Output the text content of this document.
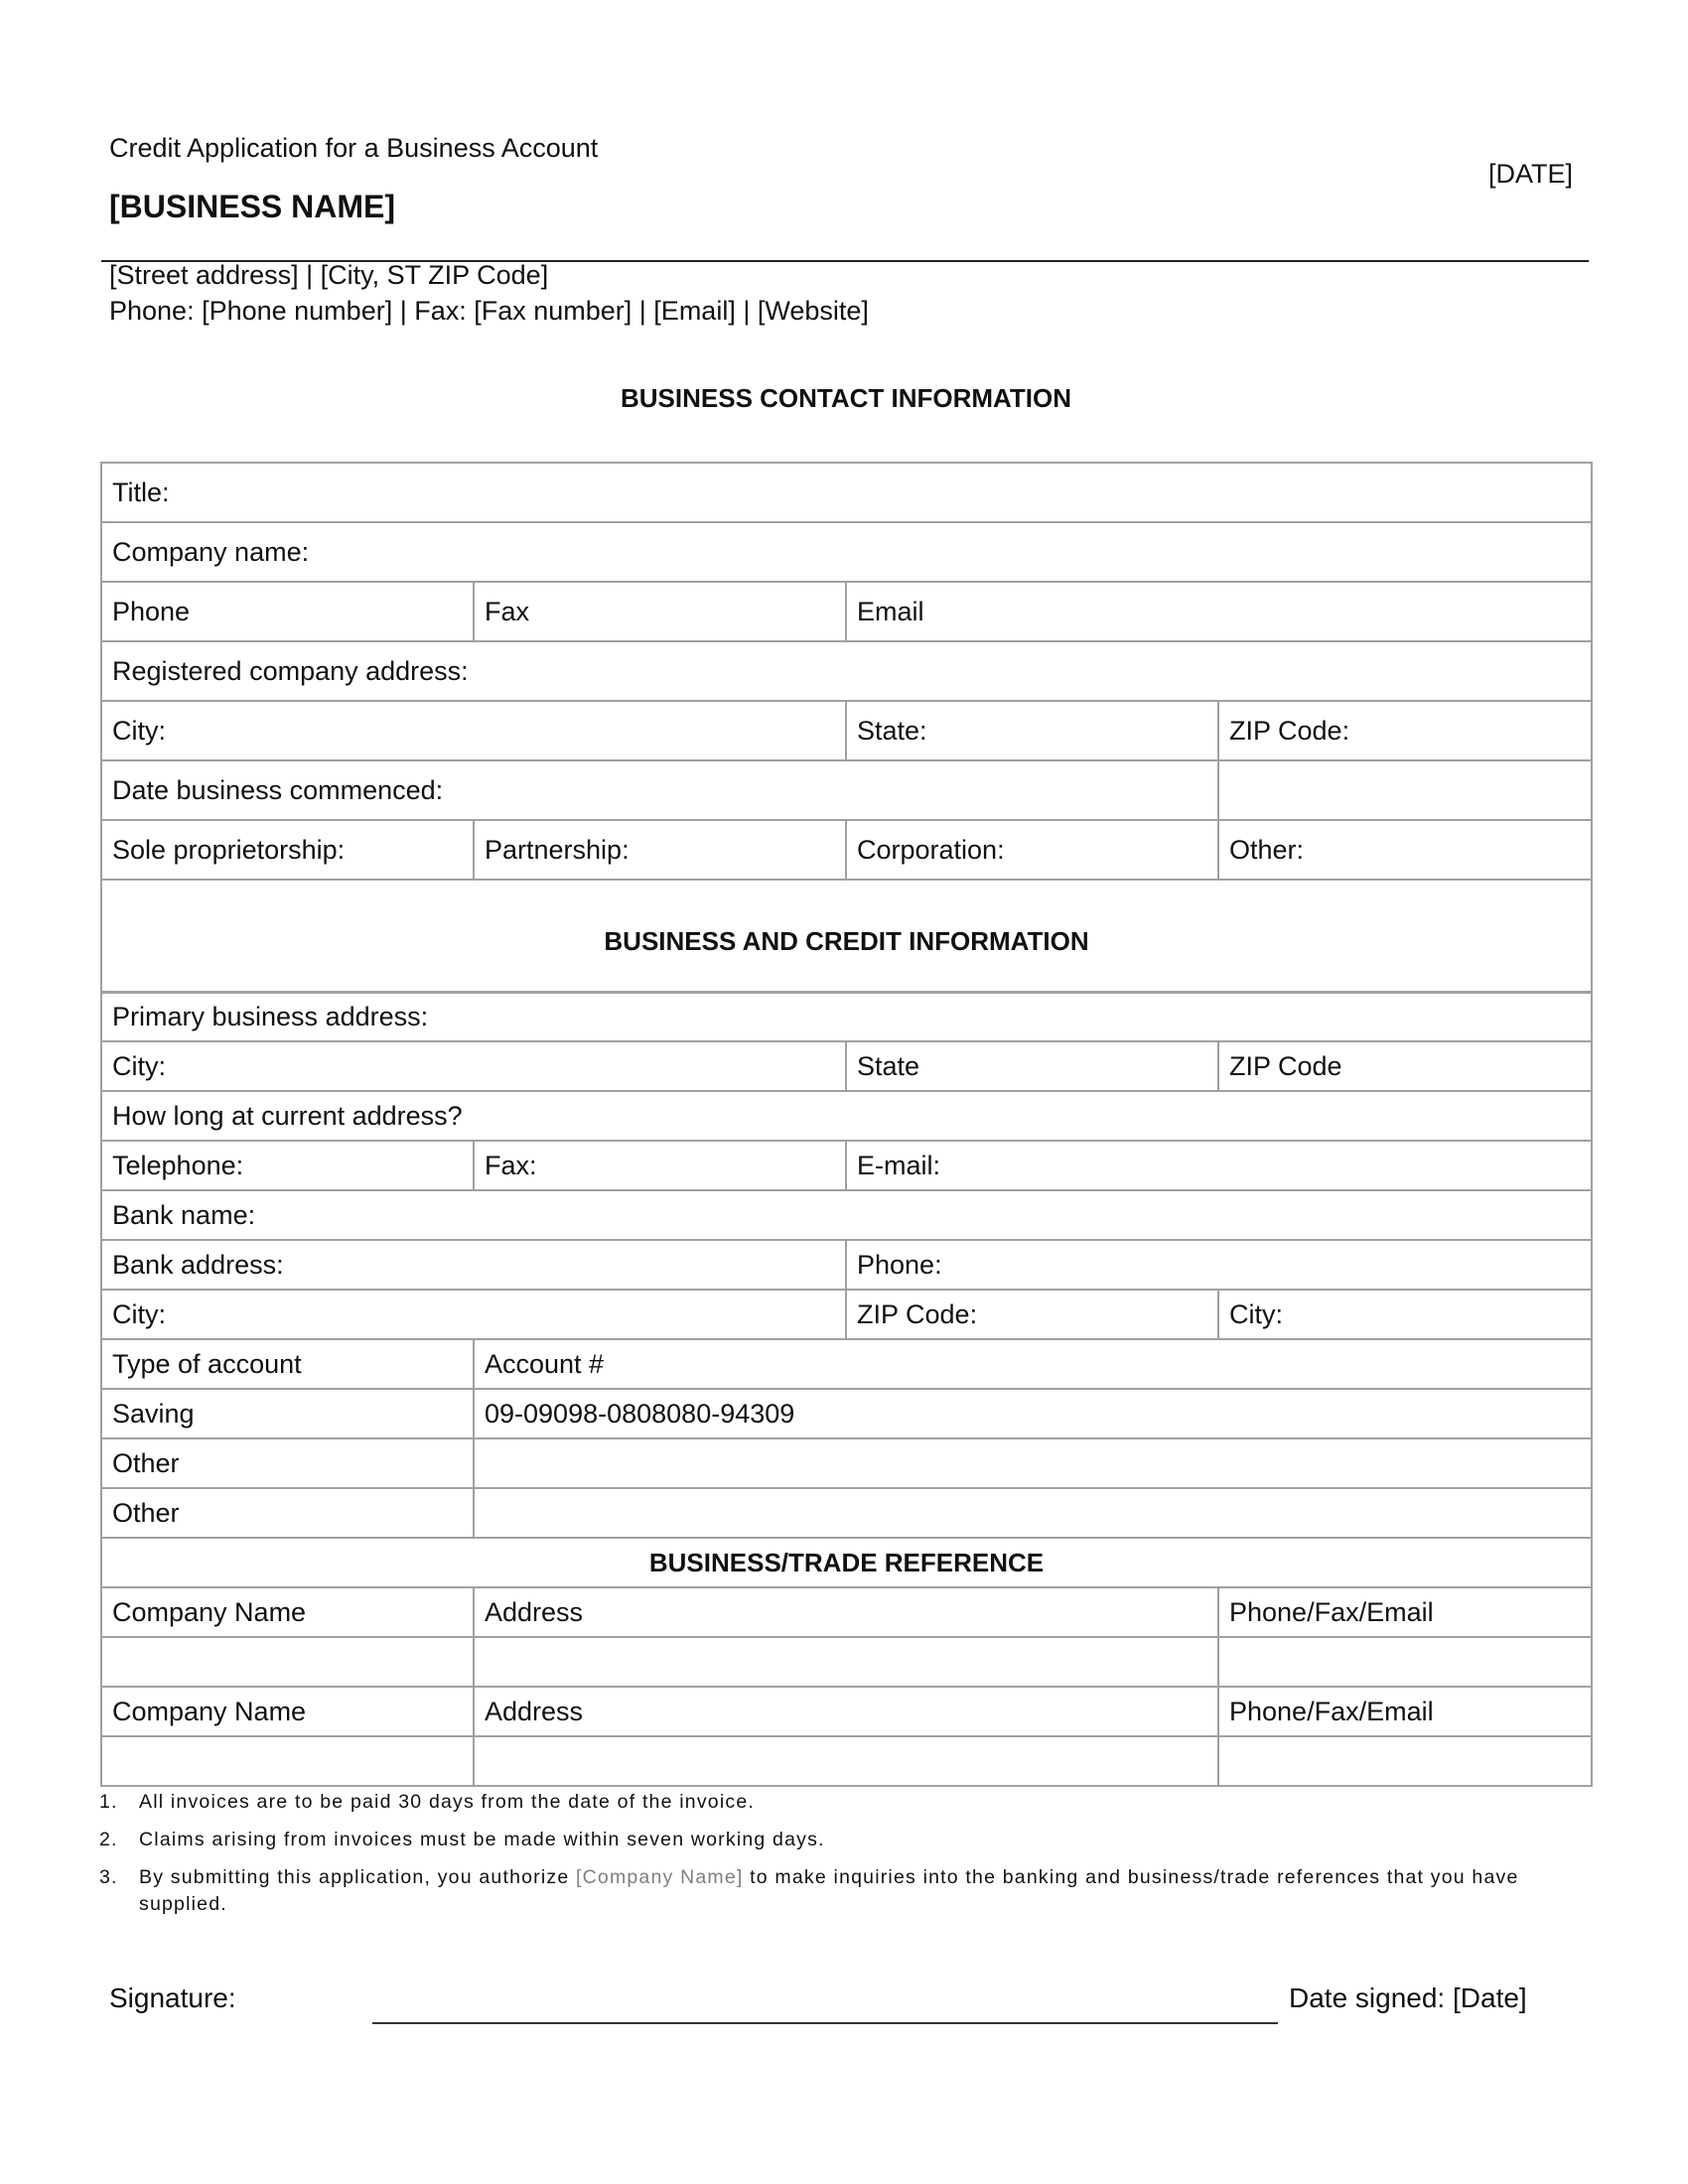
Credit Application for a Business Account
[DATE]
[BUSINESS NAME]
[Street address] | [City, ST ZIP Code]
Phone: [Phone number] | Fax: [Fax number] | [Email] | [Website]
BUSINESS CONTACT INFORMATION
Title:			
Company name:			
Phone	Fax	Email	
Registered company address:			
City:		State:	ZIP Code:
Date business commenced:			
Sole proprietorship:	Partnership:	Corporation:	Other:
BUSINESS AND CREDIT INFORMATION			
Primary business address:			
City:		State	ZIP Code
How long at current address?			
Telephone:	Fax:	E-mail:	
Bank name:			
Bank address:		Phone:	
City:		ZIP Code:	City:
Type of account	Account #		
Saving	09-09098-0808080-94309		
Other			
Other			
BUSINESS/TRADE REFERENCE			
Company Name	Address		Phone/Fax/Email

Company Name	Address		Phone/Fax/Email

1. All invoices are to be paid 30 days from the date of the invoice.
2. Claims arising from invoices must be made within seven working days.
3. By submitting this application, you authorize [Company Name] to make inquiries into the banking and business/trade references that you have supplied.
Signature:	Date signed: [Date]
